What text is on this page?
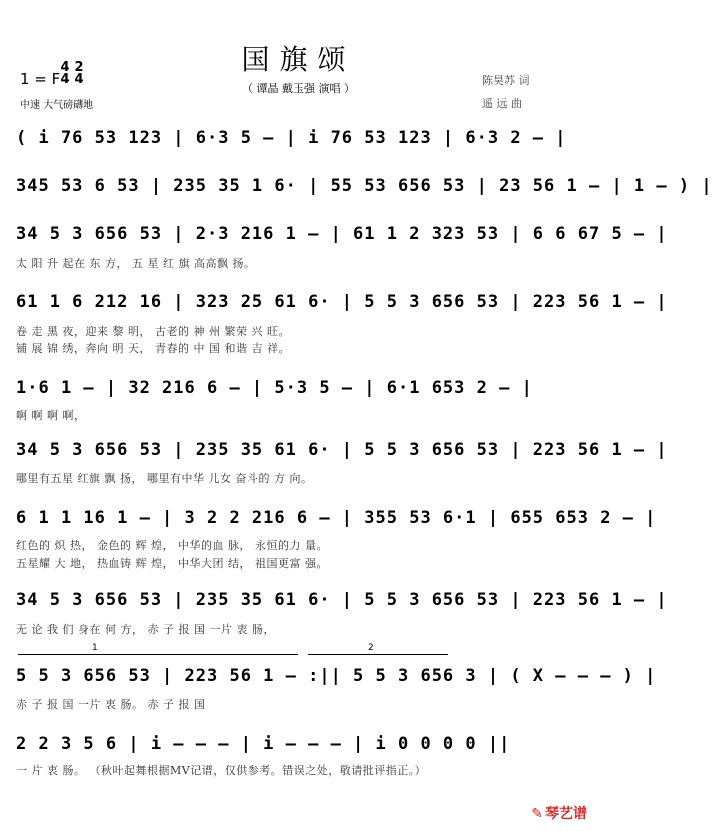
国旗颂
（ 谭晶 戴玉强 演唱 ）
1 = F
4 2
4 4
中速 大气磅礴地
陈昊苏 词
遥 远 曲
( i 76 53 123 | 6·3 5 – | i 76 53 123 | 6·3 2 – |
345 53 6 53 | 235 35 1 6· | 55 53 656 53 | 23 56 1 – | 1 – ) |
34 5 3 656 53 | 2·3 216 1 – | 61 1 2 323 53 | 6 6 67 5 – |
太 阳 升 起在 东 方， 五 星 红 旗 高高飘 扬。
61 1 6 212 16 | 323 25 61 6· | 5 5 3 656 53 | 223 56 1 – |
卷 走 黑 夜，迎来 黎 明， 古老的 神 州 繁荣 兴 旺。
铺 展 锦 绣，奔向 明 天， 青春的 中 国 和谐 吉 祥。
1·6 1 – | 32 216 6 – | 5·3 5 – | 6·1 653 2 – |
啊 啊 啊 啊，
34 5 3 656 53 | 235 35 61 6· | 5 5 3 656 53 | 223 56 1 – |
哪里有五星 红旗 飘 扬， 哪里有中华 儿女 奋斗的 方 向。
6 1 1 16 1 – | 3 2 2 216 6 – | 355 53 6·1 | 655 653 2 – |
红色的 炽 热， 金色的 辉 煌， 中华的血 脉， 永恒的力 量。
五星耀 大 地， 热血铸 辉 煌， 中华大团 结， 祖国更富 强。
34 5 3 656 53 | 235 35 61 6· | 5 5 3 656 53 | 223 56 1 – |
无 论 我 们 身在 何 方， 赤 子 报 国 一片 衷 肠，
1	2
5 5 3 656 53 | 223 56 1 – :|| 5 5 3 656 3 | ( X – – – ) |
赤 子 报 国 一片 衷 肠。 赤 子 报 国
2 2 3 5 6 | i – – – | i – – – | i 0 0 0 0 ||
一 片 衷 肠。 （秋叶起舞根据MV记谱，仅供参考。错误之处，敬请批评指正。）
✎ 琴艺谱
